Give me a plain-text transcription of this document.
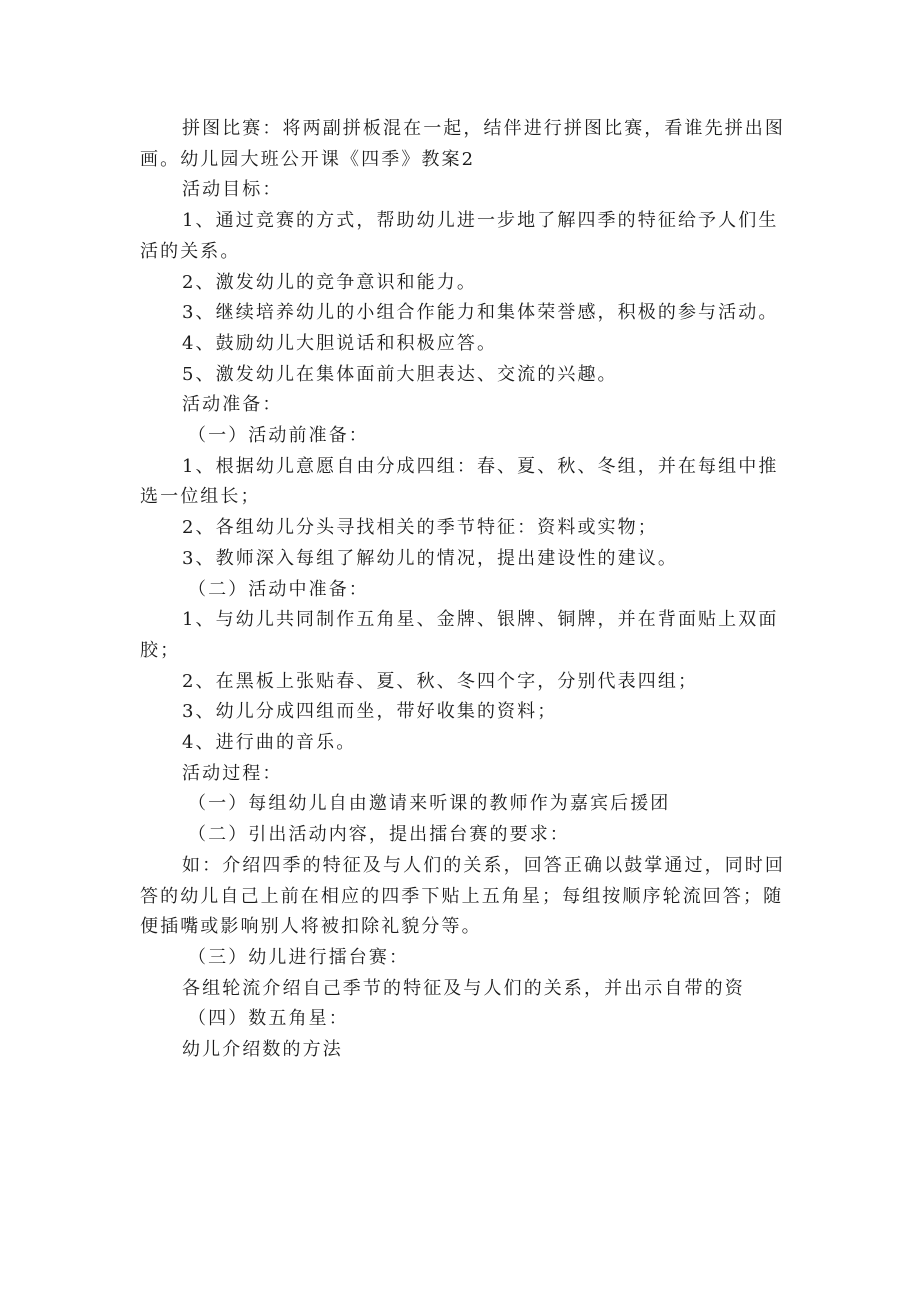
拼图比赛：将两副拼板混在一起，结伴进行拼图比赛，看谁先拼出图画。幼儿园大班公开课《四季》教案2

活动目标：

1、通过竞赛的方式，帮助幼儿进一步地了解四季的特征给予人们生活的关系。

2、激发幼儿的竞争意识和能力。

3、继续培养幼儿的小组合作能力和集体荣誉感，积极的参与活动。

4、鼓励幼儿大胆说话和积极应答。

5、激发幼儿在集体面前大胆表达、交流的兴趣。

活动准备：

（一）活动前准备：

1、根据幼儿意愿自由分成四组：春、夏、秋、冬组，并在每组中推选一位组长；

2、各组幼儿分头寻找相关的季节特征：资料或实物；

3、教师深入每组了解幼儿的情况，提出建设性的建议。

（二）活动中准备：

1、与幼儿共同制作五角星、金牌、银牌、铜牌，并在背面贴上双面胶；

2、在黑板上张贴春、夏、秋、冬四个字，分别代表四组；

3、幼儿分成四组而坐，带好收集的资料；

4、进行曲的音乐。

活动过程：

（一）每组幼儿自由邀请来听课的教师作为嘉宾后援团

（二）引出活动内容，提出擂台赛的要求：

如：介绍四季的特征及与人们的关系，回答正确以鼓掌通过，同时回答的幼儿自己上前在相应的四季下贴上五角星；每组按顺序轮流回答；随便插嘴或影响别人将被扣除礼貌分等。

（三）幼儿进行擂台赛：

各组轮流介绍自己季节的特征及与人们的关系，并出示自带的资

（四）数五角星：

幼儿介绍数的方法
